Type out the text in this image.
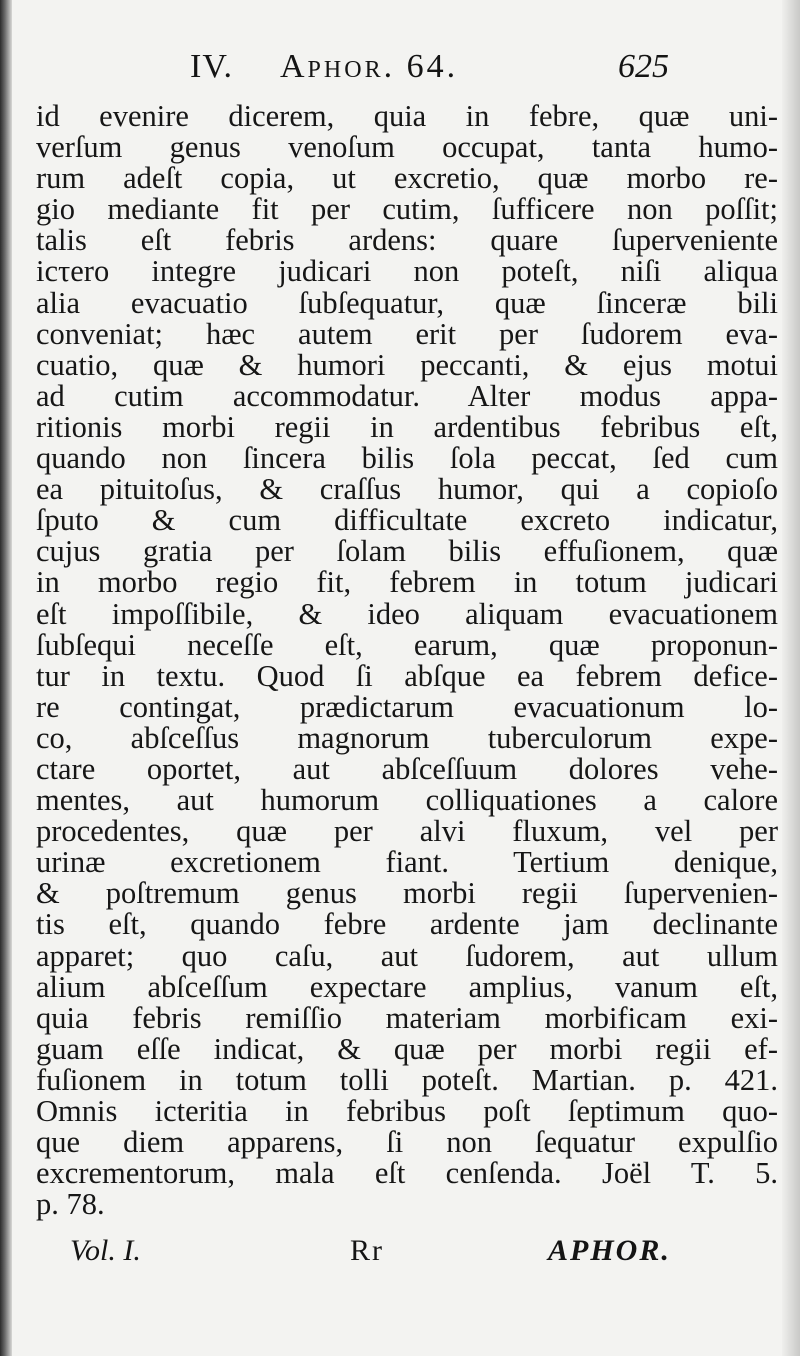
IV. Aphor. 64.	625
id evenire dicerem, quia in febre, quæ uni-
verſum genus venoſum occupat, tanta humo-
rum adeſt copia, ut excretio, quæ morbo re-
gio mediante fit per cutim, ſufficere non poſſit;
talis eſt febris ardens: quare ſuperveniente
icτero integre judicari non poteſt, niſi aliqua
alia evacuatio ſubſequatur, quæ ſinceræ bili
conveniat; hæc autem erit per ſudorem eva-
cuatio, quæ & humori peccanti, & ejus motui
ad cutim accommodatur. Alter modus appa-
ritionis morbi regii in ardentibus febribus eſt,
quando non ſincera bilis ſola peccat, ſed cum
ea pituitoſus, & craſſus humor, qui a copioſo
ſputo & cum difficultate excreto indicatur,
cujus gratia per ſolam bilis effuſionem, quæ
in morbo regio fit, febrem in totum judicari
eſt impoſſibile, & ideo aliquam evacuationem
ſubſequi neceſſe eſt, earum, quæ proponun-
tur in textu. Quod ſi abſque ea febrem defice-
re contingat, prædictarum evacuationum lo-
co, abſceſſus magnorum tuberculorum expe-
ctare oportet, aut abſceſſuum dolores vehe-
mentes, aut humorum colliquationes a calore
procedentes, quæ per alvi fluxum, vel per
urinæ excretionem fiant. Tertium denique,
& poſtremum genus morbi regii ſupervenien-
tis eſt, quando febre ardente jam declinante
apparet; quo caſu, aut ſudorem, aut ullum
alium abſceſſum expectare amplius, vanum eſt,
quia febris remiſſio materiam morbificam exi-
guam eſſe indicat, & quæ per morbi regii ef-
fuſionem in totum tolli poteſt. Martian. p. 421.
Omnis icteritia in febribus poſt ſeptimum quo-
que diem apparens, ſi non ſequatur expulſio
excrementorum, mala eſt cenſenda. Joël T. 5.
p. 78.
Vol. I.	Rr	APHOR.
